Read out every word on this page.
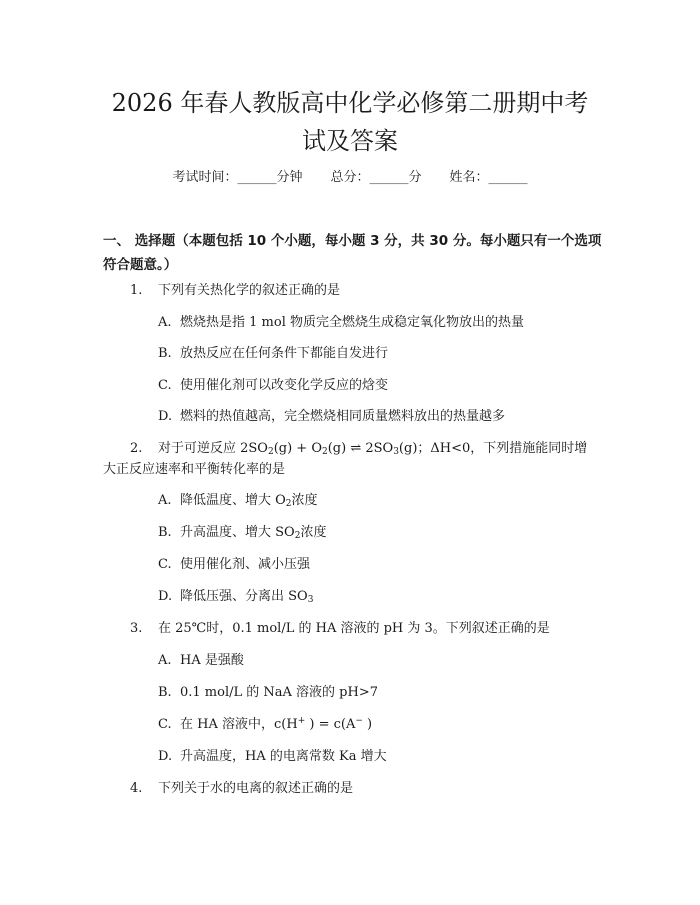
2026 年春人教版高中化学必修第二册期中考
试及答案
考试时间：______分钟 总分：______分 姓名：______
一、 选择题（本题包括 10 个小题，每小题 3 分，共 30 分。每小题只有一个选项
符合题意。）
1. 下列有关热化学的叙述正确的是
A. 燃烧热是指 1 mol 物质完全燃烧生成稳定氧化物放出的热量
B. 放热反应在任何条件下都能自发进行
C. 使用催化剂可以改变化学反应的焓变
D. 燃料的热值越高，完全燃烧相同质量燃料放出的热量越多
2. 对于可逆反应 $2SO_2(g) + O_2(g)$ ⇌ $2SO_3(g)$；ΔH<0，下列措施能同时增
大正反应速率和平衡转化率的是
A. 降低温度、增大 $O_2$浓度
B. 升高温度、增大 $SO_2$浓度
C. 使用催化剂、减小压强
D. 降低压强、分离出 $SO_3$
3. 在 25℃时，0.1 mol/L 的 HA 溶液的 pH 为 3。下列叙述正确的是
A. HA 是强酸
B. 0.1 mol/L 的 NaA 溶液的 pH>7
C. 在 HA 溶液中，c(H+ ) = c(A− )
D. 升高温度，HA 的电离常数 Ka 增大
4. 下列关于水的电离的叙述正确的是
